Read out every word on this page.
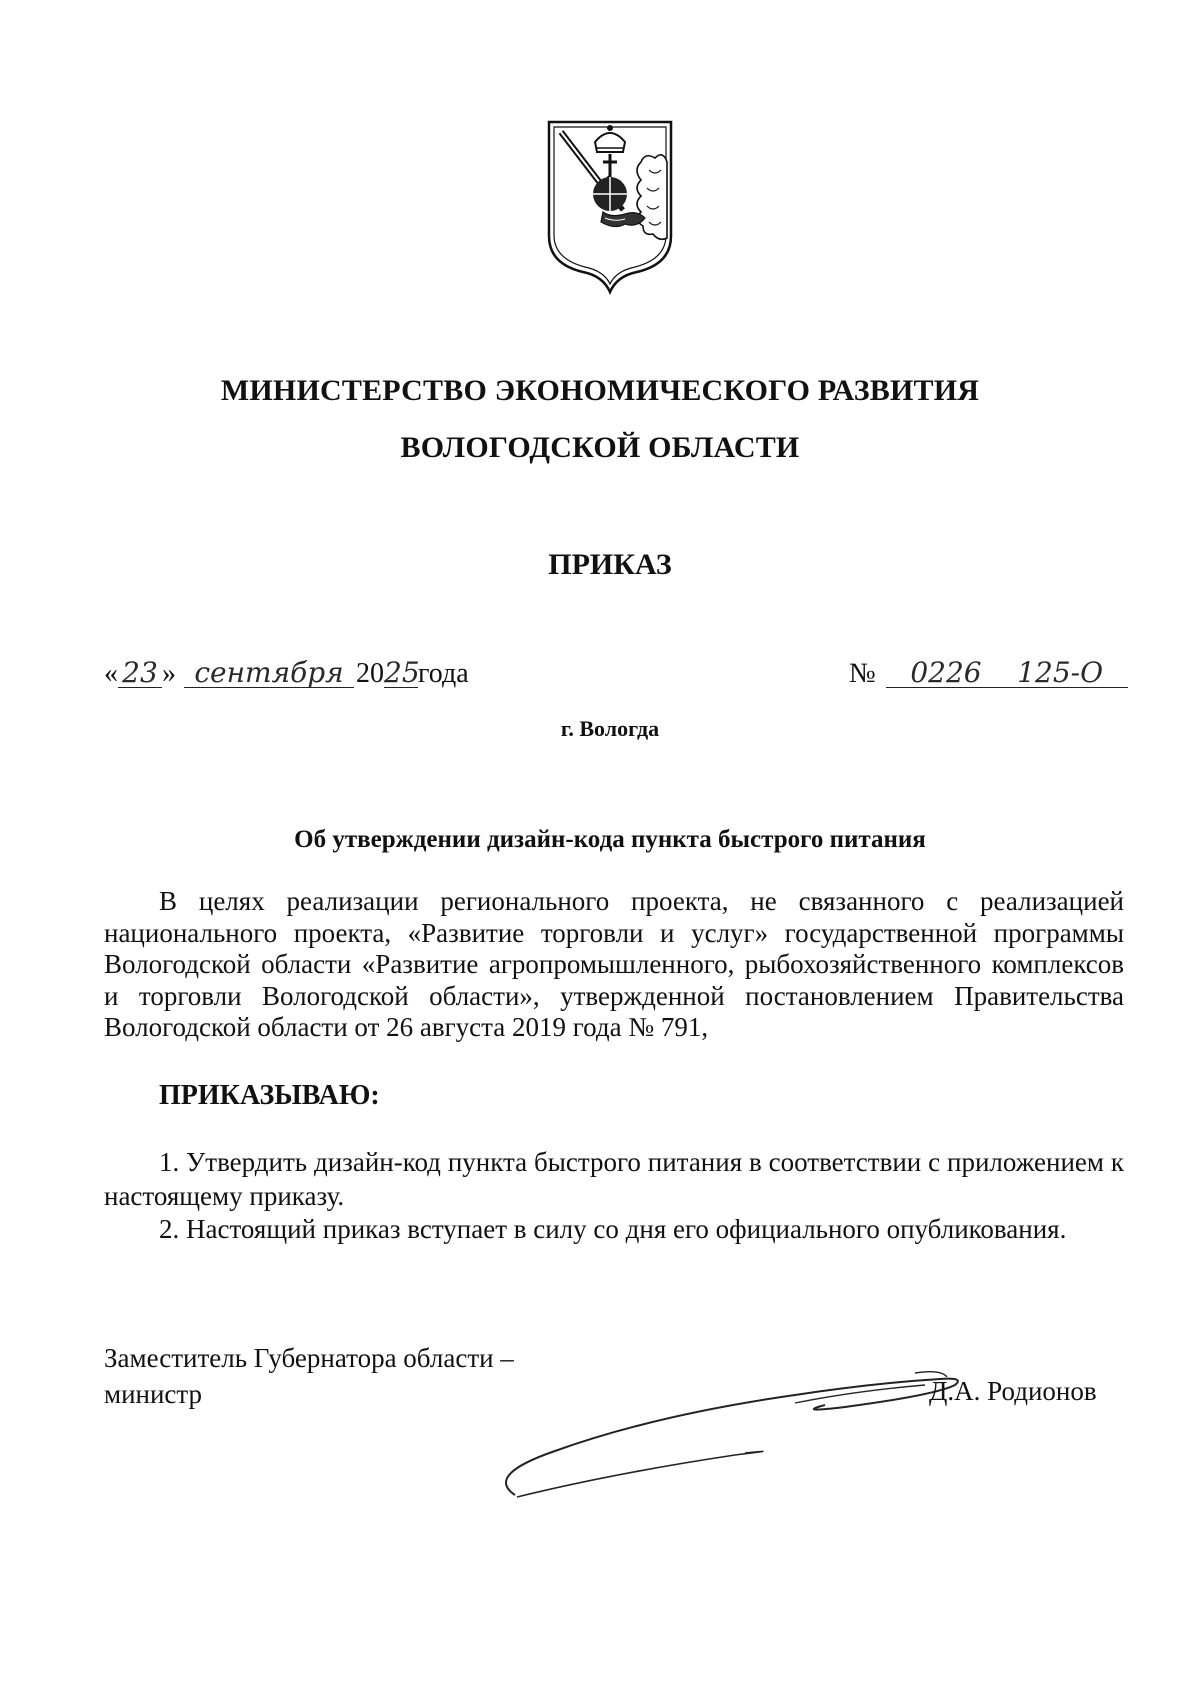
МИНИСТЕРСТВО ЭКОНОМИЧЕСКОГО РАЗВИТИЯ
ВОЛОГОДСКОЙ ОБЛАСТИ
ПРИКАЗ
« 23 » сентября 2025года	№ 0226    125-О
г. Вологда
Об утверждении дизайн-кода пункта быстрого питания
В целях реализации регионального проекта, не связанного с реализацией национального проекта, «Развитие торговли и услуг» государственной программы Вологодской области «Развитие агропромышленного, рыбохозяйственного комплексов и торговли Вологодской области», утвержденной постановлением Правительства Вологодской области от 26 августа 2019 года № 791,
ПРИКАЗЫВАЮ:
1. Утвердить дизайн-код пункта быстрого питания в соответствии с приложением к настоящему приказу.
2. Настоящий приказ вступает в силу со дня его официального опубликования.
Заместитель Губернатора области –
министр	Д.А. Родионов
